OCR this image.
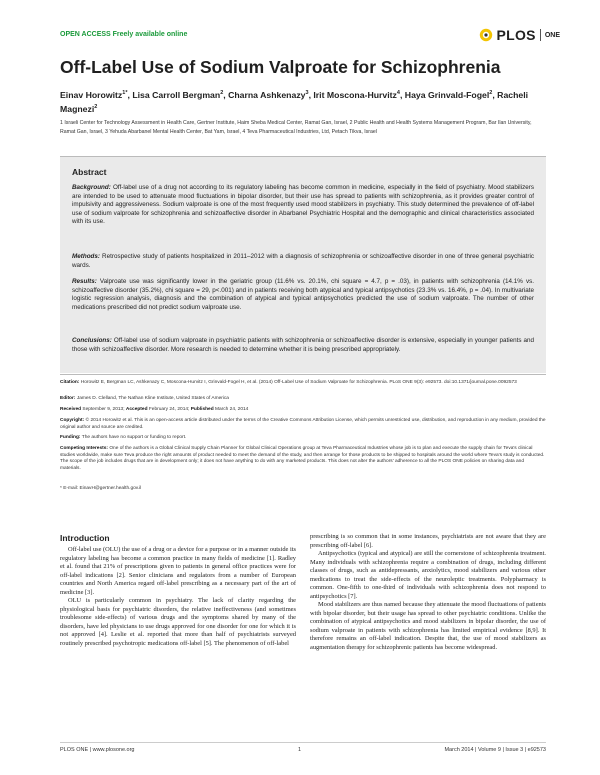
OPEN ACCESS Freely available online	PLOS ONE
Off-Label Use of Sodium Valproate for Schizophrenia
Einav Horowitz$^{1*}$, Lisa Carroll Bergman$^2$, Charna Ashkenazy$^3$, Irit Moscona-Hurvitz$^4$, Haya Grinvald-Fogel$^2$, Racheli Magnezi$^2$
1 Israeli Center for Technology Assessment in Health Care, Gertner Institute, Haim Sheba Medical Center, Ramat Gan, Israel, 2 Public Health and Health Systems Management Program, Bar Ilan University, Ramat Gan, Israel, 3 Yehuda Abarbanel Mental Health Center, Bat Yam, Israel, 4 Teva Pharmaceutical Industries, Ltd, Petach Tikva, Israel
Abstract
Background: Off-label use of a drug not according to its regulatory labeling has become common in medicine, especially in the field of psychiatry. Mood stabilizers are intended to be used to attenuate mood fluctuations in bipolar disorder, but their use has spread to patients with schizophrenia, as it provides greater control of impulsivity and aggressiveness. Sodium valproate is one of the most frequently used mood stabilizers in psychiatry. This study determined the prevalence of off-label use of sodium valproate for schizophrenia and schizoaffective disorder in Abarbanel Psychiatric Hospital and the demographic and clinical characteristics associated with its use.
Methods: Retrospective study of patients hospitalized in 2011–2012 with a diagnosis of schizophrenia or schizoaffective disorder in one of three general psychiatric wards.
Results: Valproate use was significantly lower in the geriatric group (11.6% vs. 20.1%, chi square = 4.7, p = .03), in patients with schizophrenia (14.1% vs. schizoaffective disorder (35.2%), chi square = 29, p<.001) and in patients receiving both atypical and typical antipsychotics (23.3% vs. 16.4%, p = .04). In multivariate logistic regression analysis, diagnosis and the combination of atypical and typical antipsychotics predicted the use of sodium valproate. The number of other medications prescribed did not predict sodium valproate use.
Conclusions: Off-label use of sodium valproate in psychiatric patients with schizophrenia or schizoaffective disorder is extensive, especially in younger patients and those with schizoaffective disorder. More research is needed to determine whether it is being prescribed appropriately.
Citation: Horowitz E, Bergman LC, Ashkenazy C, Moscona-Hurvitz I, Grinvald-Fogel H, et al. (2014) Off-Label Use of Sodium Valproate for Schizophrenia. PLoS ONE 9(3): e92573. doi:10.1371/journal.pone.0092573
Editor: James D. Clelland, The Nathan Kline Institute, United States of America
Received September 9, 2013; Accepted February 24, 2014; Published March 24, 2014
Copyright: © 2014 Horowitz et al. This is an open-access article distributed under the terms of the Creative Commons Attribution License, which permits unrestricted use, distribution, and reproduction in any medium, provided the original author and source are credited.
Funding: The authors have no support or funding to report.
Competing Interests: One of the authors is a Global Clinical Supply Chain Planner for Global Clinical Operations group at Teva Pharmaceutical Industries whose job is to plan and execute the supply chain for Teva's clinical studies worldwide, make sure Teva produce the right amounts of product needed to meet the demand of the study, and then arrange for those products to be shipped to hospitals around the world where Teva's study is conducted. The scope of the job includes drugs that are in development only; it does not have anything to do with any marketed products. This does not alter the authors' adherence to all the PLOS ONE policies on sharing data and materials.
* E-mail: EinavH@gertner.health.gov.il
Introduction

Off-label use (OLU) the use of a drug or a device for a purpose or in a manner outside its regulatory labeling has become a common practice in many fields of medicine [1]. Radley et al. found that 21% of prescriptions given to patients in general office practices were for off-label indications [2]. Senior clinicians and regulators from a number of European countries and North America regard off-label prescribing as a necessary part of the art of medicine [3].

OLU is particularly common in psychiatry. The lack of clarity regarding the physiological basis for psychiatric disorders, the relative ineffectiveness (and sometimes troublesome side-effects) of various drugs and the symptoms shared by many of the disorders, have led physicians to use drugs approved for one disorder for one for which it is not approved [4]. Leslie et al. reported that more than half of psychiatrists surveyed routinely prescribed psychotropic medications off-label [5]. The phenomenon of off-label

prescribing is so common that in some instances, psychiatrists are not aware that they are prescribing off-label [6].

Antipsychotics (typical and atypical) are still the cornerstone of schizophrenia treatment. Many individuals with schizophrenia require a combination of drugs, including different classes of drugs, such as antidepressants, anxiolytics, mood stabilizers and various other medications to treat the side-effects of the neuroleptic treatments. Polypharmacy is common. One-fifth to one-third of individuals with schizophrenia does not respond to antipsychotics [7].

Mood stabilizers are thus named because they attenuate the mood fluctuations of patients with bipolar disorder, but their usage has spread to other psychiatric conditions. Unlike the combination of atypical antipsychotics and mood stabilizers in bipolar disorder, the use of sodium valproate in patients with schizophrenia has limited empirical evidence [8,9]. It therefore remains an off-label indication. Despite that, the use of mood stabilizers as augmentation therapy for schizophrenic patients has become widespread.

PLOS ONE | www.plosone.org	1	March 2014 | Volume 9 | Issue 3 | e92573
